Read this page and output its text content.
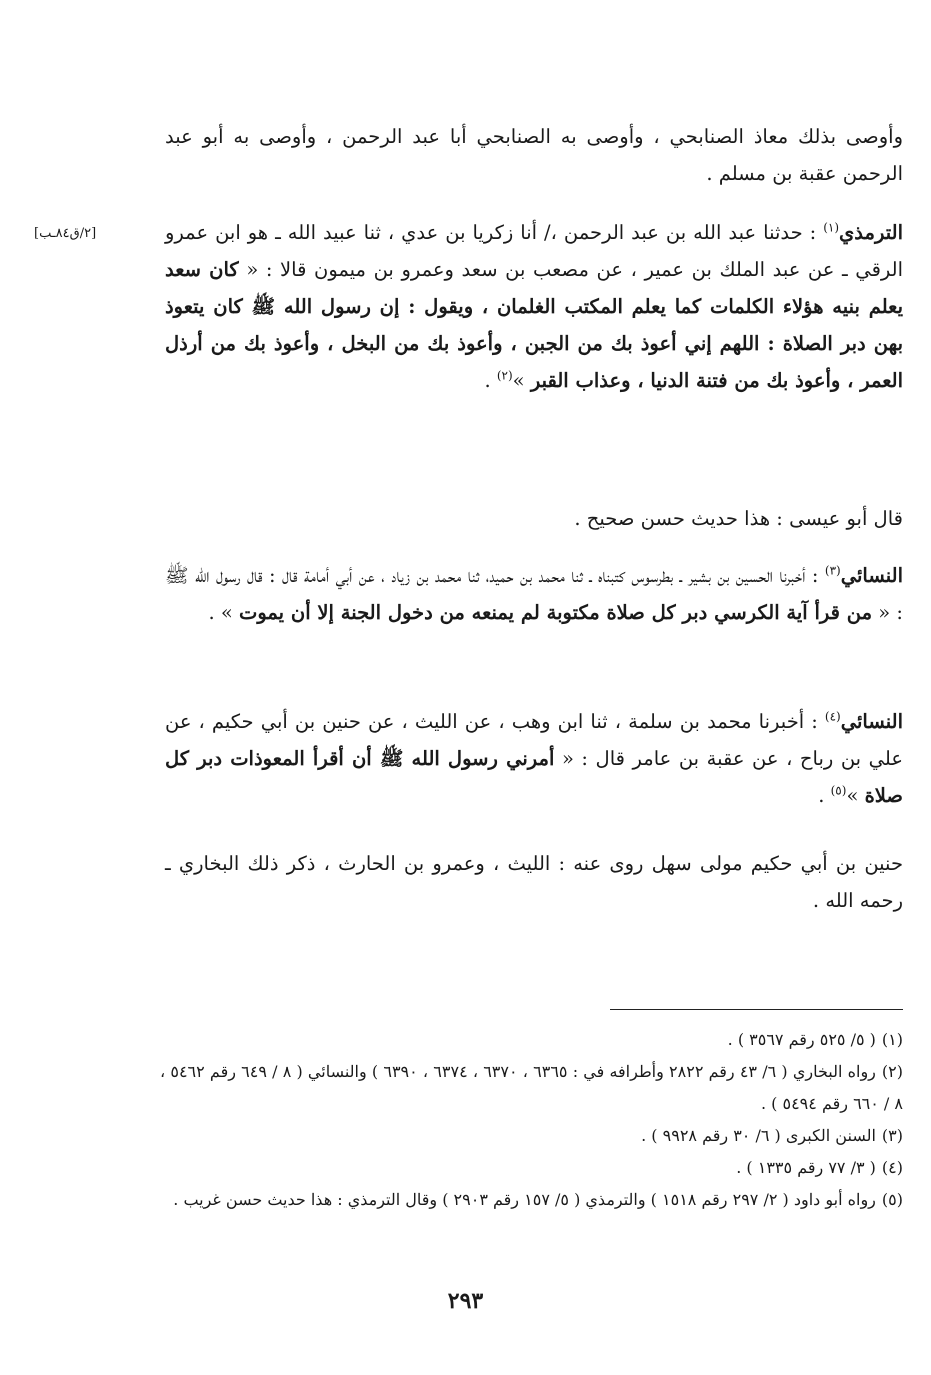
وأوصى بذلك معاذ الصنابحي ، وأوصى به الصنابحي أبا عبد الرحمن ، وأوصى به أبو عبد الرحمن عقبة بن مسلم .

[٢/ق٨٤ـب]	الترمذي$^{(١)}$ : حدثنا عبد الله بن عبد الرحمن ،/ أنا زكريا بن عدي ، ثنا عبيد الله ـ هو ابن عمرو الرقي ـ عن عبد الملك بن عمير ، عن مصعب بن سعد وعمرو بن ميمون قالا : « كان سعد يعلم بنيه هؤلاء الكلمات كما يعلم المكتب الغلمان ، ويقول : إن رسول الله ﷺ كان يتعوذ بهن دبر الصلاة : اللهم إني أعوذ بك من الجبن ، وأعوذ بك من البخل ، وأعوذ بك من أرذل العمر ، وأعوذ بك من فتنة الدنيا ، وعذاب القبر »$^{(٢)}$ .

قال أبو عيسى : هذا حديث حسن صحيح .

النسائي$^{(٣)}$ : أخبرنا الحسين بن بشير ـ بطرسوس كتبناه ـ ثنا محمد بن حميد، ثنا محمد بن زياد ، عن أبي أمامة قال : قال رسول الله ﷺ : « من قرأ آية الكرسي دبر كل صلاة مكتوبة لم يمنعه من دخول الجنة إلا أن يموت » .

النسائي$^{(٤)}$ : أخبرنا محمد بن سلمة ، ثنا ابن وهب ، عن الليث ، عن حنين بن أبي حكيم ، عن علي بن رباح ، عن عقبة بن عامر قال : « أمرني رسول الله ﷺ أن أقرأ المعوذات دبر كل صلاة »$^{(٥)}$ .

حنين بن أبي حكيم مولى سهل روى عنه : الليث ، وعمرو بن الحارث ، ذكر ذلك البخاري ـ رحمه الله .

(١)( ٥/ ٥٢٥ رقم ٣٥٦٧ ) .

(٢)رواه البخاري ( ٦/ ٤٣ رقم ٢٨٢٢ وأطرافه في : ٦٣٦٥ ، ٦٣٧٠ ، ٦٣٧٤ ، ٦٣٩٠ ) والنسائي ( ٨ / ٦٤٩ رقم ٥٤٦٢ ، ٨ / ٦٦٠ رقم ٥٤٩٤ ) .

(٣)السنن الكبرى ( ٦/ ٣٠ رقم ٩٩٢٨ ) .

(٤)( ٣/ ٧٧ رقم ١٣٣٥ ) .

(٥)رواه أبو داود ( ٢/ ٢٩٧ رقم ١٥١٨ ) والترمذي ( ٥/ ١٥٧ رقم ٢٩٠٣ ) وقال الترمذي : هذا حديث حسن غريب .

٢٩٣
